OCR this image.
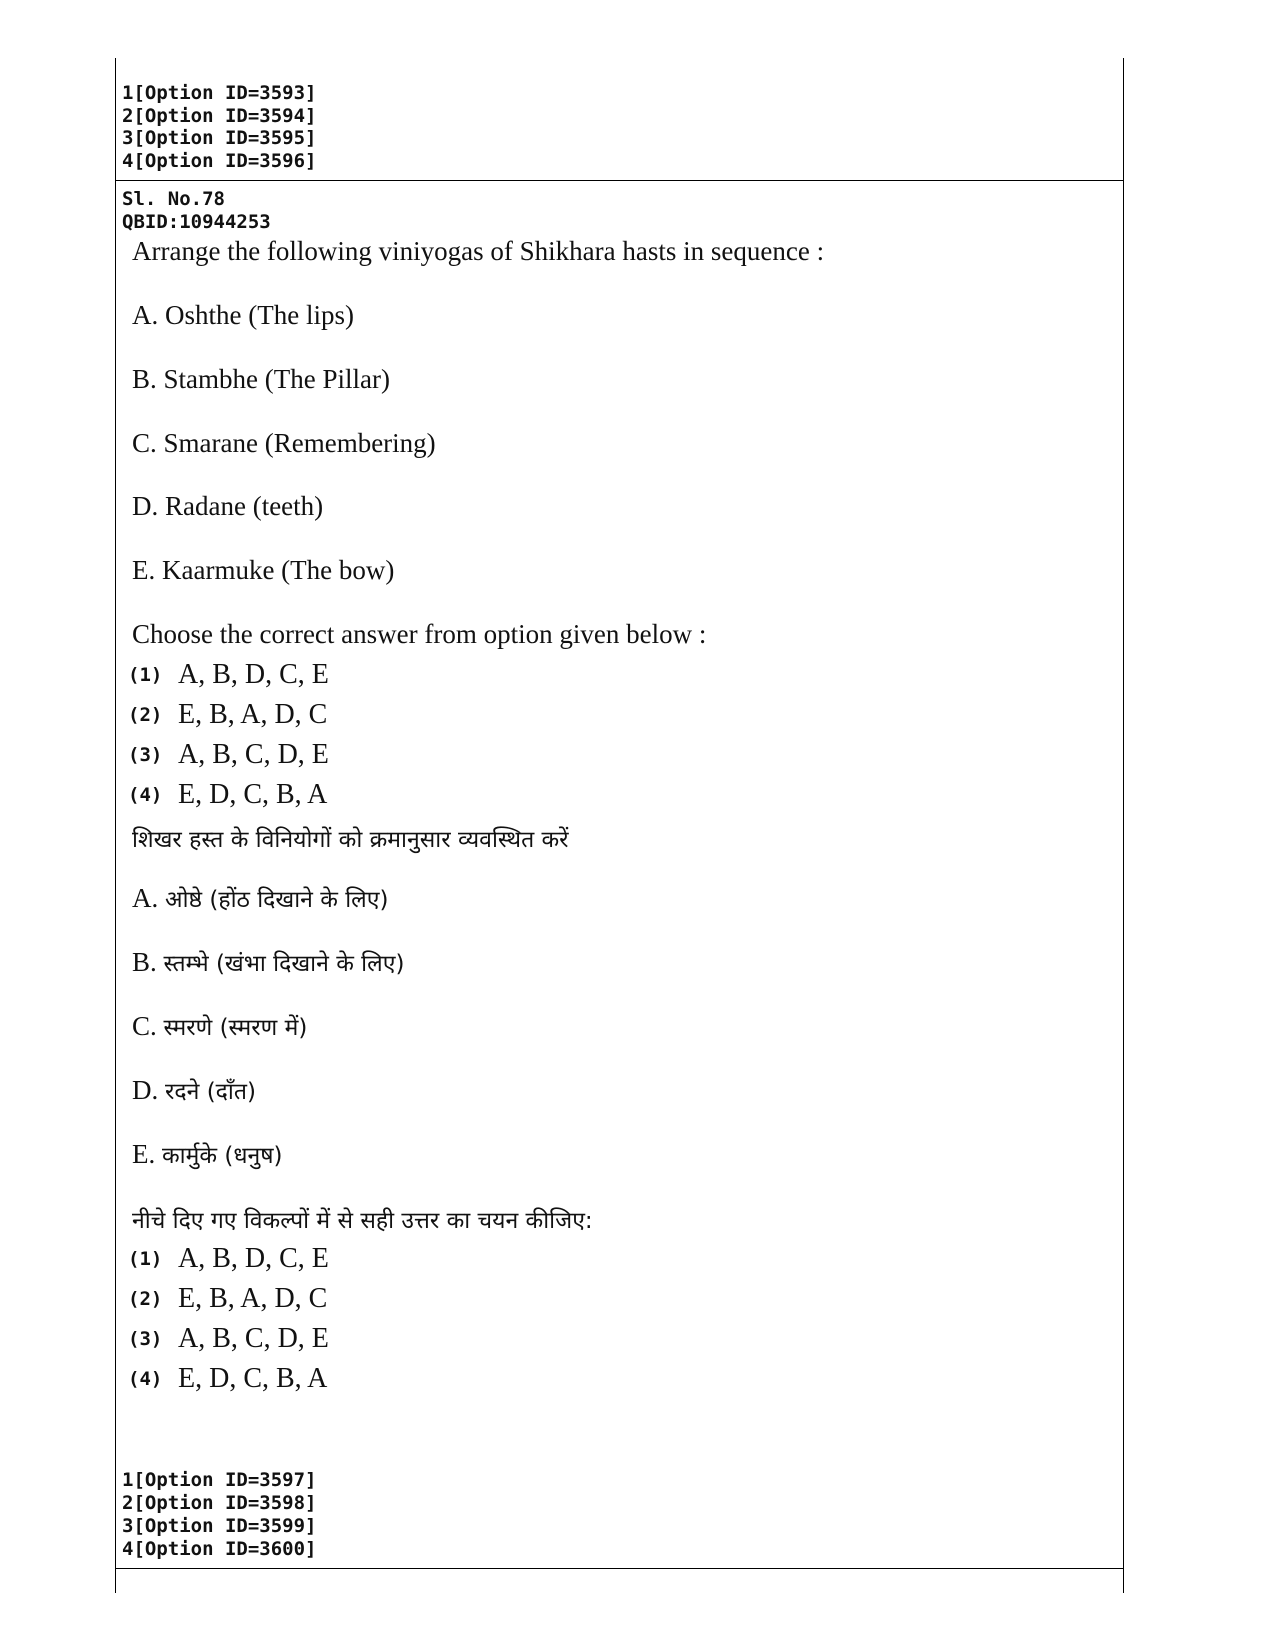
1[Option ID=3593]
2[Option ID=3594]
3[Option ID=3595]
4[Option ID=3596]
Sl. No.78
QBID:10944253
Arrange the following viniyogas of Shikhara hasts in sequence :
A. Oshthe (The lips)
B. Stambhe (The Pillar)
C. Smarane (Remembering)
D. Radane (teeth)
E. Kaarmuke (The bow)
Choose the correct answer from option given below :
(1) A, B, D, C, E
(2) E, B, A, D, C
(3) A, B, C, D, E
(4) E, D, C, B, A
शिखर हस्त के विनियोगों को क्रमानुसार व्यवस्थित करें
A. ओष्ठे (होंठ दिखाने के लिए)
B. स्तम्भे (खंभा दिखाने के लिए)
C. स्मरणे (स्मरण में)
D. रदने (दाँत)
E. कार्मुके (धनुष)
नीचे दिए गए विकल्पों में से सही उत्तर का चयन कीजिए:
(1) A, B, D, C, E
(2) E, B, A, D, C
(3) A, B, C, D, E
(4) E, D, C, B, A
1[Option ID=3597]
2[Option ID=3598]
3[Option ID=3599]
4[Option ID=3600]
